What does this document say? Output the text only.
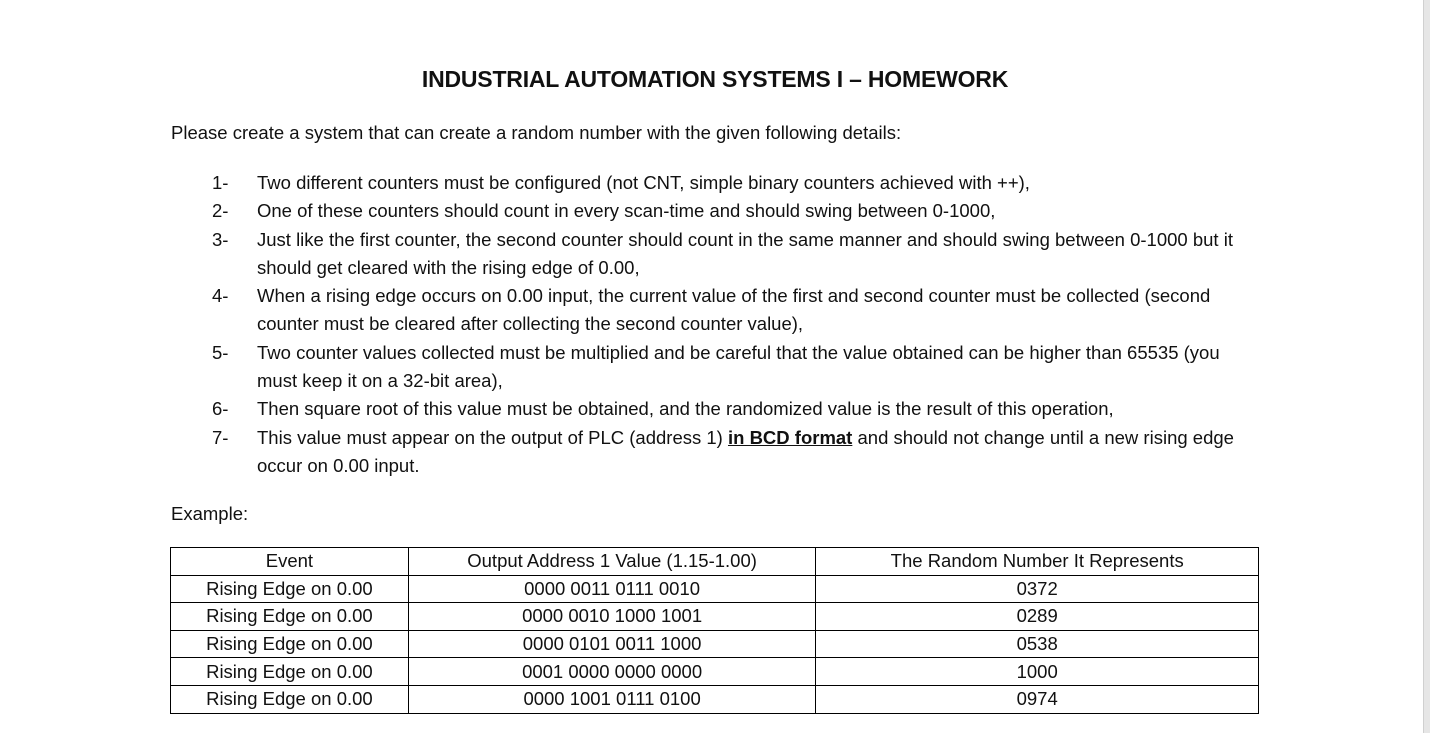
INDUSTRIAL AUTOMATION SYSTEMS I – HOMEWORK
Please create a system that can create a random number with the given following details:
1-	Two different counters must be configured (not CNT, simple binary counters achieved with ++),
2-	One of these counters should count in every scan-time and should swing between 0-1000,
3-	Just like the first counter, the second counter should count in the same manner and should swing between 0-1000 but it should get cleared with the rising edge of 0.00,
4-	When a rising edge occurs on 0.00 input, the current value of the first and second counter must be collected (second counter must be cleared after collecting the second counter value),
5-	Two counter values collected must be multiplied and be careful that the value obtained can be higher than 65535 (you must keep it on a 32-bit area),
6-	Then square root of this value must be obtained, and the randomized value is the result of this operation,
7-	This value must appear on the output of PLC (address 1) in BCD format and should not change until a new rising edge occur on 0.00 input.
Example:
Event	Output Address 1 Value (1.15-1.00)	The Random Number It Represents
Rising Edge on 0.00	0000 0011 0111 0010	0372
Rising Edge on 0.00	0000 0010 1000 1001	0289
Rising Edge on 0.00	0000 0101 0011 1000	0538
Rising Edge on 0.00	0001 0000 0000 0000	1000
Rising Edge on 0.00	0000 1001 0111 0100	0974
